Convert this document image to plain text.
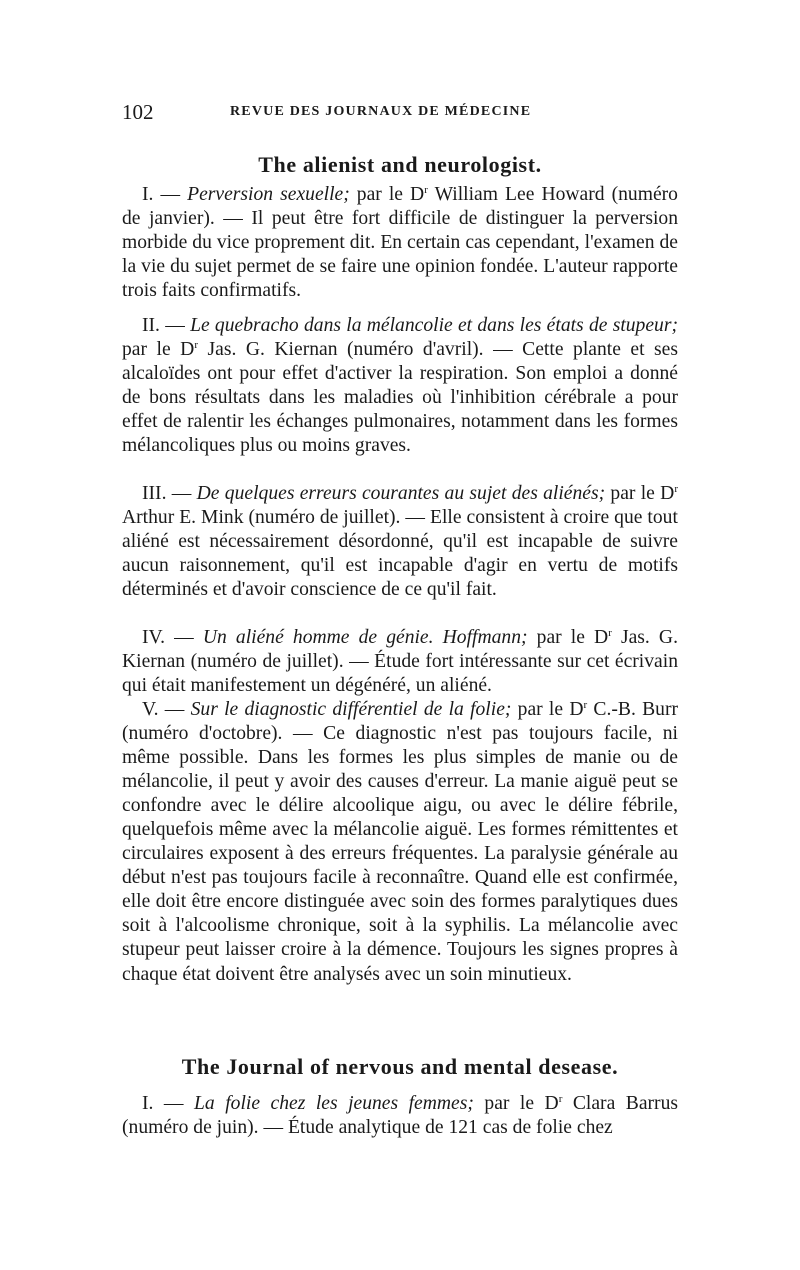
102	REVUE DES JOURNAUX DE MÉDECINE
The alienist and neurologist.

I. — Perversion sexuelle; par le $D^r$ William Lee Howard (numéro de janvier). — Il peut être fort difficile de distinguer la perversion morbide du vice proprement dit. En certain cas cependant, l'examen de la vie du sujet permet de se faire une opinion fondée. L'auteur rapporte trois faits confirmatifs.

II. — Le quebracho dans la mélancolie et dans les états de stupeur; par le $D^r$ Jas. G. Kiernan (numéro d'avril). — Cette plante et ses alcaloïdes ont pour effet d'activer la respiration. Son emploi a donné de bons résultats dans les maladies où l'inhibition cérébrale a pour effet de ralentir les échanges pulmonaires, notamment dans les formes mélancoliques plus ou moins graves.

III. — De quelques erreurs courantes au sujet des aliénés; par le $D^r$ Arthur E. Mink (numéro de juillet). — Elle consistent à croire que tout aliéné est nécessairement désordonné, qu'il est incapable de suivre aucun raisonnement, qu'il est incapable d'agir en vertu de motifs déterminés et d'avoir conscience de ce qu'il fait.

IV. — Un aliéné homme de génie. Hoffmann; par le $D^r$ Jas. G. Kiernan (numéro de juillet). — Étude fort intéressante sur cet écrivain qui était manifestement un dégénéré, un aliéné.

V. — Sur le diagnostic différentiel de la folie; par le $D^r$ C.-B. Burr (numéro d'octobre). — Ce diagnostic n'est pas toujours facile, ni même possible. Dans les formes les plus simples de manie ou de mélancolie, il peut y avoir des causes d'erreur. La manie aiguë peut se confondre avec le délire alcoolique aigu, ou avec le délire fébrile, quelquefois même avec la mélancolie aiguë. Les formes rémittentes et circulaires exposent à des erreurs fréquentes. La paralysie générale au début n'est pas toujours facile à reconnaître. Quand elle est confirmée, elle doit être encore distinguée avec soin des formes paralytiques dues soit à l'alcoolisme chronique, soit à la syphilis. La mélancolie avec stupeur peut laisser croire à la démence. Toujours les signes propres à chaque état doivent être analysés avec un soin minutieux.

The Journal of nervous and mental desease.

I. — La folie chez les jeunes femmes; par le $D^r$ Clara Barrus (numéro de juin). — Étude analytique de 121 cas de folie chez
